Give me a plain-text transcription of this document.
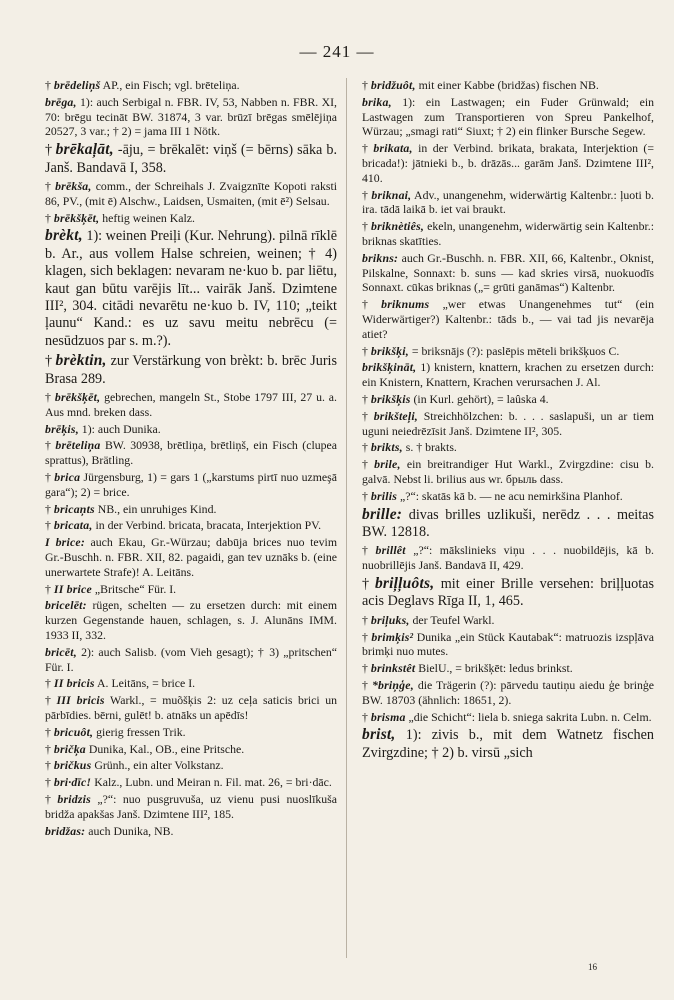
— 241 —

† brēdeliņš AP., ein Fisch; vgl. brēteliņa.

brēga, 1): auch Serbigal n. FBR. IV, 53, Nabben n. FBR. XI, 70: brēgu tecināt BW. 31874, 3 var. brūzī brēgas smēlējiņa 20527, 3 var.; † 2) = jama III 1 Nötk.

† brēkaļāt, -āju, = brēkalēt: viņš (= bērns) sāka b. Janš. Bandavā I, 358.

† brēkša, comm., der Schreihals J. Zvaigznīte Kopoti raksti 86, PV., (mit ē) Alschw., Laidsen, Usmaiten, (mit ē²) Selsau.

† brēkšķēt, heftig weinen Kalz.

brèkt, 1): weinen Preiļi (Kur. Nehrung). pilnā rīklē b. Ar., aus vollem Halse schreien, weinen; † 4) klagen, sich beklagen: nevaram ne·kuo b. par liētu, kaut gan būtu varējis līt... vairāk Janš. Dzimtene III², 304. citādi nevarētu ne·kuo b. IV, 110; „teikt ļaunu“ Kand.: es uz savu meitu nebrēcu (= nesūdzuos par s. m.?).

† brèktin, zur Verstärkung von brèkt: b. brēc Juris Brasa 289.

† brēkšķēt, gebrechen, mangeln St., Stobe 1797 III, 27 u. a. Aus mnd. breken dass.

brēķis, 1): auch Dunika.

† brēteliņa BW. 30938, brētliņa, brētliņš, ein Fisch (clupea sprattus), Brätling.

† brica Jürgensburg, 1) = gars 1 („karstums pirtī nuo uzmeşā gara“); 2) = brice.

† bricaņts NB., ein unruhiges Kind.

† bricata, in der Verbind. bricata, bracata, Interjektion PV.

I brice: auch Ekau, Gr.-Würzau; dabūja brices nuo tevim Gr.-Buschh. n. FBR. XII, 82. pagaidi, gan tev uznāks b. (eine unerwartete Strafe)! A. Leitāns.

† II brice „Britsche“ Für. I.

bricelēt: rügen, schelten — zu ersetzen durch: mit einem kurzen Gegenstande hauen, schlagen, s. J. Alunāns IMM. 1933 II, 332.

bricēt, 2): auch Salisb. (vom Vieh gesagt); † 3) „pritschen“ Für. I.

† II bricis A. Leitāns, = brice I.

† III bricis Warkl., = muõšķis 2: uz ceļa saticis brici un pārbīdies. bērni, gulēt! b. atnāks un apēdīs!

† bricuôt, gierig fressen Trik.

† bričķa Dunika, Kal., OB., eine Pritsche.

† bričkus Grünh., ein alter Volkstanz.

† bri·dīc! Kalz., Lubn. und Meiran n. Fil. mat. 26, = bri·dāc.

† bridzis „?“: nuo pusgruvuša, uz vienu pusi nuoslīkuša bridža apakšas Janš. Dzimtene III², 185.

bridžas: auch Dunika, NB.

† bridžuôt, mit einer Kabbe (bridžas) fischen NB.

brika, 1): ein Lastwagen; ein Fuder Grünwald; ein Lastwagen zum Transportieren von Spreu Pankelhof, Würzau; „smagi rati“ Siuxt; † 2) ein flinker Bursche Segew.

† brikata, in der Verbind. brikata, brakata, Interjektion (= bricada!): jātnieki b., b. drāzās... garām Janš. Dzimtene III², 410.

† briknai, Adv., unangenehm, widerwärtig Kaltenbr.: ļuoti b. ira. tādā laikā b. iet vai braukt.

† briknètiês, ekeln, unangenehm, widerwärtig sein Kaltenbr.: briknas skatīties.

brikns: auch Gr.-Buschh. n. FBR. XII, 66, Kaltenbr., Oknist, Pilskalne, Sonnaxt: b. suns — kad skries virsā, nuokuodīs Sonnaxt. cūkas briknas („= grūti ganāmas“) Kaltenbr.

† briknums „wer etwas Unangenehmes tut“ (ein Widerwärtiger?) Kaltenbr.: tāds b., — vai tad jis nevarēja atiet?

† brikšķi, = briksnājs (?): paslēpis mēteli brikšķuos C.

brikšķināt, 1) knistern, knattern, krachen zu ersetzen durch: ein Knistern, Knattern, Krachen verursachen J. Al.

† brikšķis (in Kurl. gehört), = laûska 4.

† brikšteļi, Streichhölzchen: b. . . . saslapuši, un ar tiem uguni neiedrēzīsit Janš. Dzimtene II², 305.

† brikts, s. † brakts.

† brile, ein breitrandiger Hut Warkl., Zvirgzdine: cisu b. galvā. Nebst li. brilius aus wr. брыль dass.

† brilis „?“: skatās kā b. — ne acu nemirkšina Planhof.

brille: divas brilles uzlikuši, nerēdz . . . meitas BW. 12818.

† brillêt „?“: mākslinieks viņu . . . nuobildējis, kā b. nuobrillējis Janš. Bandavā II, 429.

† briļļuôts, mit einer Brille versehen: briļļuotas acis Deglavs Rīga II, 1, 465.

† briļuks, der Teufel Warkl.

† brimķis² Dunika „ein Stück Kautabak“: matruozis izspļāva brimķi nuo mutes.

† brinkstêt BielU., = brikšķēt: ledus brinkst.

† *briņģe, die Trägerin (?): pārvedu tautiņu aiedu ģe brinģe BW. 18703 (ähnlich: 18651, 2).

† brisma „die Schicht“: liela b. sniega sakrita Lubn. n. Celm.

brist, 1): zivis b., mit dem Watnetz fischen Zvirgzdine; † 2) b. virsū „sich

16
